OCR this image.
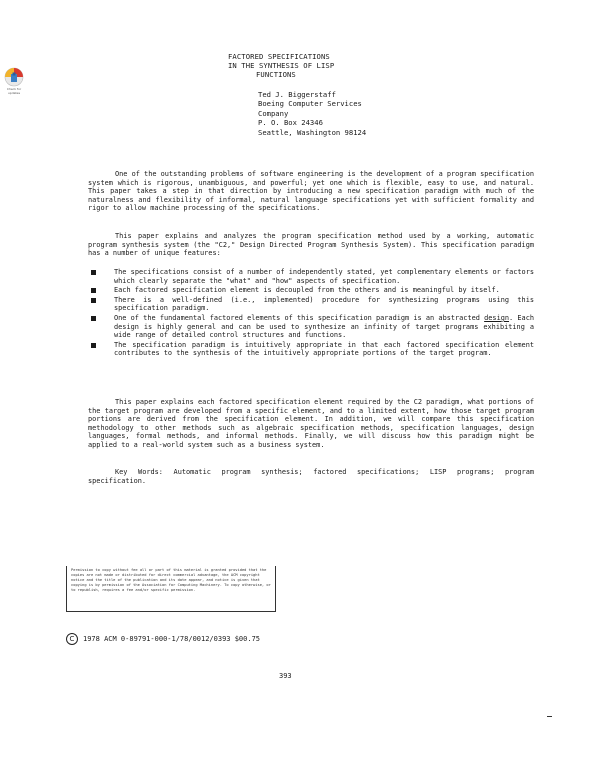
Check for
updates
FACTORED SPECIFICATIONS
IN THE SYNTHESIS OF LISP
FUNCTIONS
Ted J. Biggerstaff
Boeing Computer Services
Company
P. O. Box 24346
Seattle, Washington 98124
One of the outstanding problems of software engineering is the development of a program specification system which is rigorous, unambiguous, and powerful; yet one which is flexible, easy to use, and natural. This paper takes a step in that direction by introducing a new specification paradigm with much of the naturalness and flexibility of informal, natural language specifications yet with sufficient formality and rigor to allow machine processing of the specifications.
This paper explains and analyzes the program specification method used by a working, automatic program synthesis system (the "C2," Design Directed Program Synthesis System). This specification paradigm has a number of unique features:
The specifications consist of a number of independently stated, yet complementary elements or factors which clearly separate the "what" and "how" aspects of specification.
Each factored specification element is decoupled from the others and is meaningful by itself.
There is a well-defined (i.e., implemented) procedure for synthesizing programs using this specification paradigm.
One of the fundamental factored elements of this specification paradigm is an abstracted design. Each design is highly general and can be used to synthesize an infinity of target programs exhibiting a wide range of detailed control structures and functions.
The specification paradigm is intuitively appropriate in that each factored specification element contributes to the synthesis of the intuitively appropriate portions of the target program.
This paper explains each factored specification element required by the C2 paradigm, what portions of the target program are developed from a specific element, and to a limited extent, how those target program portions are derived from the specification element. In addition, we will compare this specification methodology to other methods such as algebraic specification methods, specification languages, design languages, formal methods, and informal methods. Finally, we will discuss how this paradigm might be applied to a real-world system such as a business system.
Key Words: Automatic program synthesis; factored specifications; LISP programs; program specification.
Permission to copy without fee all or part of this material is granted provided that the copies are not made or distributed for direct commercial advantage, the ACM copyright notice and the title of the publication and its date appear, and notice is given that copying is by permission of the Association for Computing Machinery. To copy otherwise, or to republish, requires a fee and/or specific permission.
C	1978 ACM 0-89791-000-1/78/0012/0393 $00.75
393
